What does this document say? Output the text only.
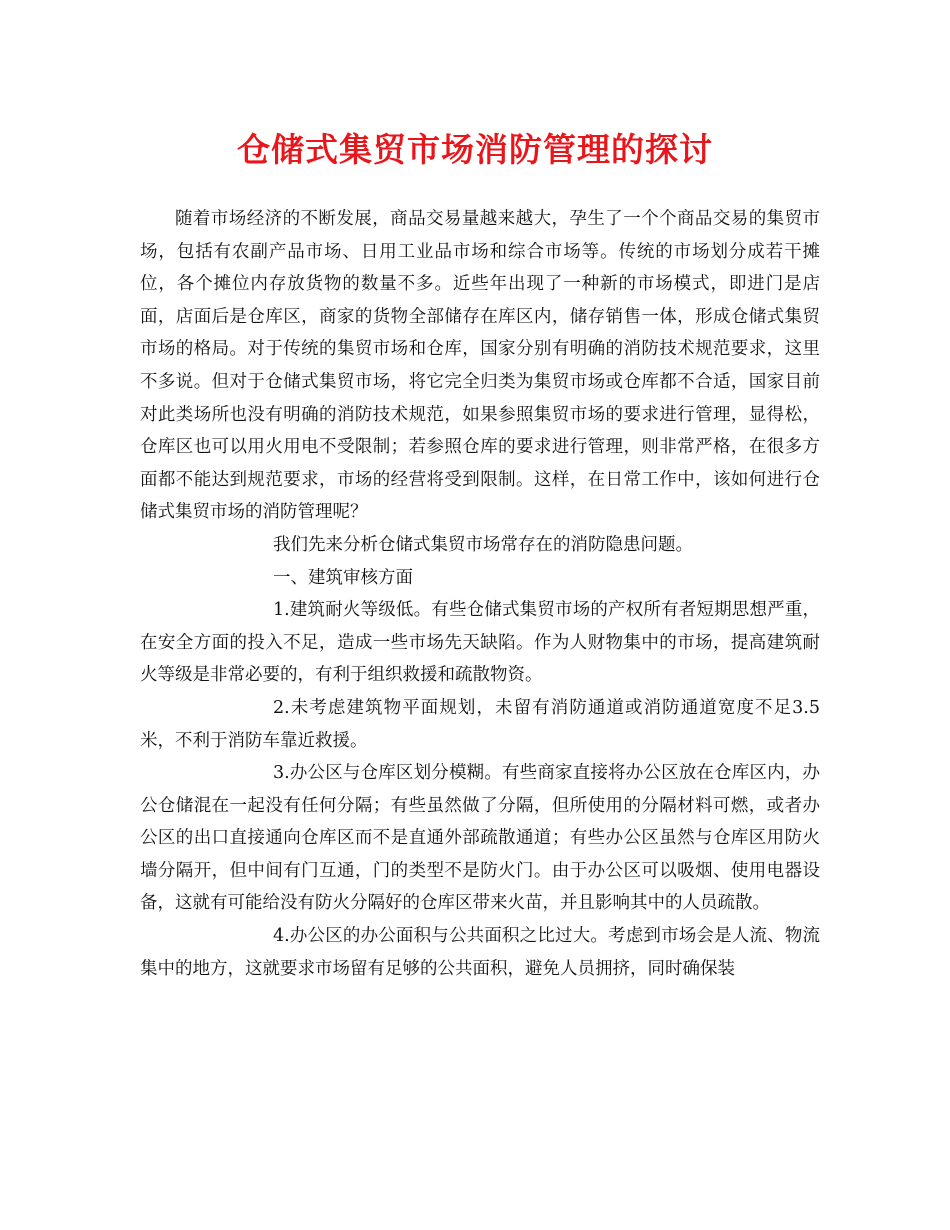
仓储式集贸市场消防管理的探讨

随着市场经济的不断发展，商品交易量越来越大，孕生了一个个商品交易的集贸市场，包括有农副产品市场、日用工业品市场和综合市场等。传统的市场划分成若干摊位，各个摊位内存放货物的数量不多。近些年出现了一种新的市场模式，即进门是店面，店面后是仓库区，商家的货物全部储存在库区内，储存销售一体，形成仓储式集贸市场的格局。对于传统的集贸市场和仓库，国家分别有明确的消防技术规范要求，这里不多说。但对于仓储式集贸市场，将它完全归类为集贸市场或仓库都不合适，国家目前对此类场所也没有明确的消防技术规范，如果参照集贸市场的要求进行管理，显得松，仓库区也可以用火用电不受限制；若参照仓库的要求进行管理，则非常严格，在很多方面都不能达到规范要求，市场的经营将受到限制。这样，在日常工作中，该如何进行仓储式集贸市场的消防管理呢？

我们先来分析仓储式集贸市场常存在的消防隐患问题。

一、建筑审核方面

1.建筑耐火等级低。有些仓储式集贸市场的产权所有者短期思想严重，在安全方面的投入不足，造成一些市场先天缺陷。作为人财物集中的市场，提高建筑耐火等级是非常必要的，有利于组织救援和疏散物资。

2.未考虑建筑物平面规划，未留有消防通道或消防通道宽度不足3.5米，不利于消防车靠近救援。

3.办公区与仓库区划分模糊。有些商家直接将办公区放在仓库区内，办公仓储混在一起没有任何分隔；有些虽然做了分隔，但所使用的分隔材料可燃，或者办公区的出口直接通向仓库区而不是直通外部疏散通道；有些办公区虽然与仓库区用防火墙分隔开，但中间有门互通，门的类型不是防火门。由于办公区可以吸烟、使用电器设备，这就有可能给没有防火分隔好的仓库区带来火苗，并且影响其中的人员疏散。

4.办公区的办公面积与公共面积之比过大。考虑到市场会是人流、物流集中的地方，这就要求市场留有足够的公共面积，避免人员拥挤，同时确保装
